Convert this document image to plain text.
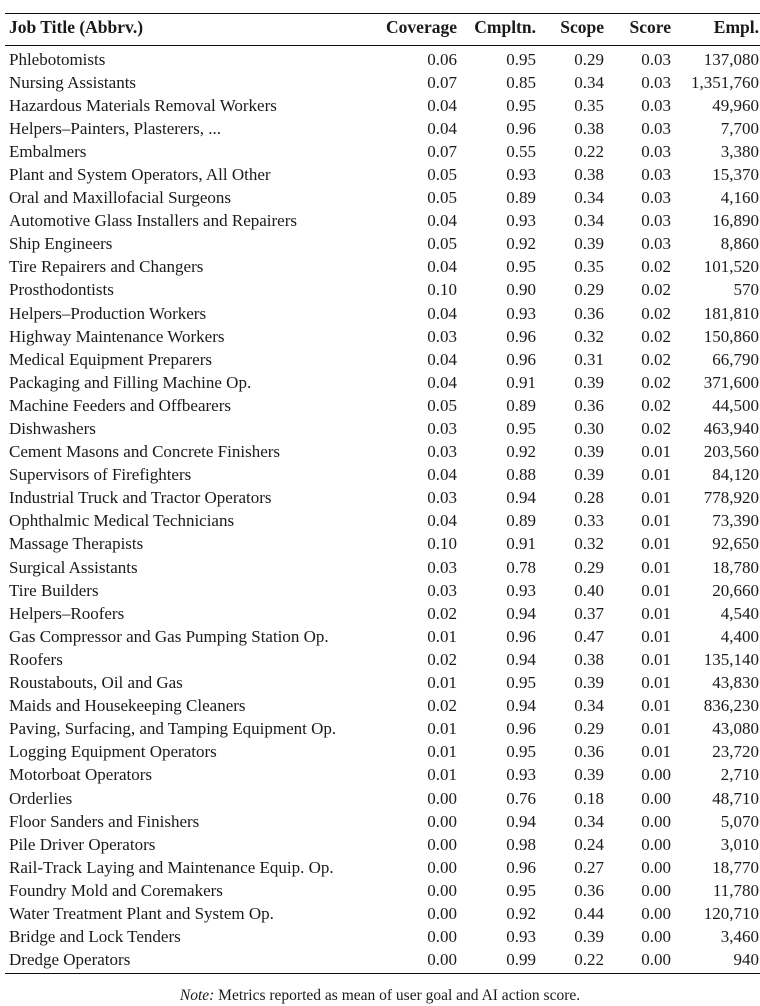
Job Title (Abbrv.)	Coverage	Cmpltn.	Scope	Score	Empl.
Phlebotomists	0.06	0.95	0.29	0.03	137,080
Nursing Assistants	0.07	0.85	0.34	0.03	1,351,760
Hazardous Materials Removal Workers	0.04	0.95	0.35	0.03	49,960
Helpers–Painters, Plasterers, ...	0.04	0.96	0.38	0.03	7,700
Embalmers	0.07	0.55	0.22	0.03	3,380
Plant and System Operators, All Other	0.05	0.93	0.38	0.03	15,370
Oral and Maxillofacial Surgeons	0.05	0.89	0.34	0.03	4,160
Automotive Glass Installers and Repairers	0.04	0.93	0.34	0.03	16,890
Ship Engineers	0.05	0.92	0.39	0.03	8,860
Tire Repairers and Changers	0.04	0.95	0.35	0.02	101,520
Prosthodontists	0.10	0.90	0.29	0.02	570
Helpers–Production Workers	0.04	0.93	0.36	0.02	181,810
Highway Maintenance Workers	0.03	0.96	0.32	0.02	150,860
Medical Equipment Preparers	0.04	0.96	0.31	0.02	66,790
Packaging and Filling Machine Op.	0.04	0.91	0.39	0.02	371,600
Machine Feeders and Offbearers	0.05	0.89	0.36	0.02	44,500
Dishwashers	0.03	0.95	0.30	0.02	463,940
Cement Masons and Concrete Finishers	0.03	0.92	0.39	0.01	203,560
Supervisors of Firefighters	0.04	0.88	0.39	0.01	84,120
Industrial Truck and Tractor Operators	0.03	0.94	0.28	0.01	778,920
Ophthalmic Medical Technicians	0.04	0.89	0.33	0.01	73,390
Massage Therapists	0.10	0.91	0.32	0.01	92,650
Surgical Assistants	0.03	0.78	0.29	0.01	18,780
Tire Builders	0.03	0.93	0.40	0.01	20,660
Helpers–Roofers	0.02	0.94	0.37	0.01	4,540
Gas Compressor and Gas Pumping Station Op.	0.01	0.96	0.47	0.01	4,400
Roofers	0.02	0.94	0.38	0.01	135,140
Roustabouts, Oil and Gas	0.01	0.95	0.39	0.01	43,830
Maids and Housekeeping Cleaners	0.02	0.94	0.34	0.01	836,230
Paving, Surfacing, and Tamping Equipment Op.	0.01	0.96	0.29	0.01	43,080
Logging Equipment Operators	0.01	0.95	0.36	0.01	23,720
Motorboat Operators	0.01	0.93	0.39	0.00	2,710
Orderlies	0.00	0.76	0.18	0.00	48,710
Floor Sanders and Finishers	0.00	0.94	0.34	0.00	5,070
Pile Driver Operators	0.00	0.98	0.24	0.00	3,010
Rail-Track Laying and Maintenance Equip. Op.	0.00	0.96	0.27	0.00	18,770
Foundry Mold and Coremakers	0.00	0.95	0.36	0.00	11,780
Water Treatment Plant and System Op.	0.00	0.92	0.44	0.00	120,710
Bridge and Lock Tenders	0.00	0.93	0.39	0.00	3,460
Dredge Operators	0.00	0.99	0.22	0.00	940
Note: Metrics reported as mean of user goal and AI action score.
